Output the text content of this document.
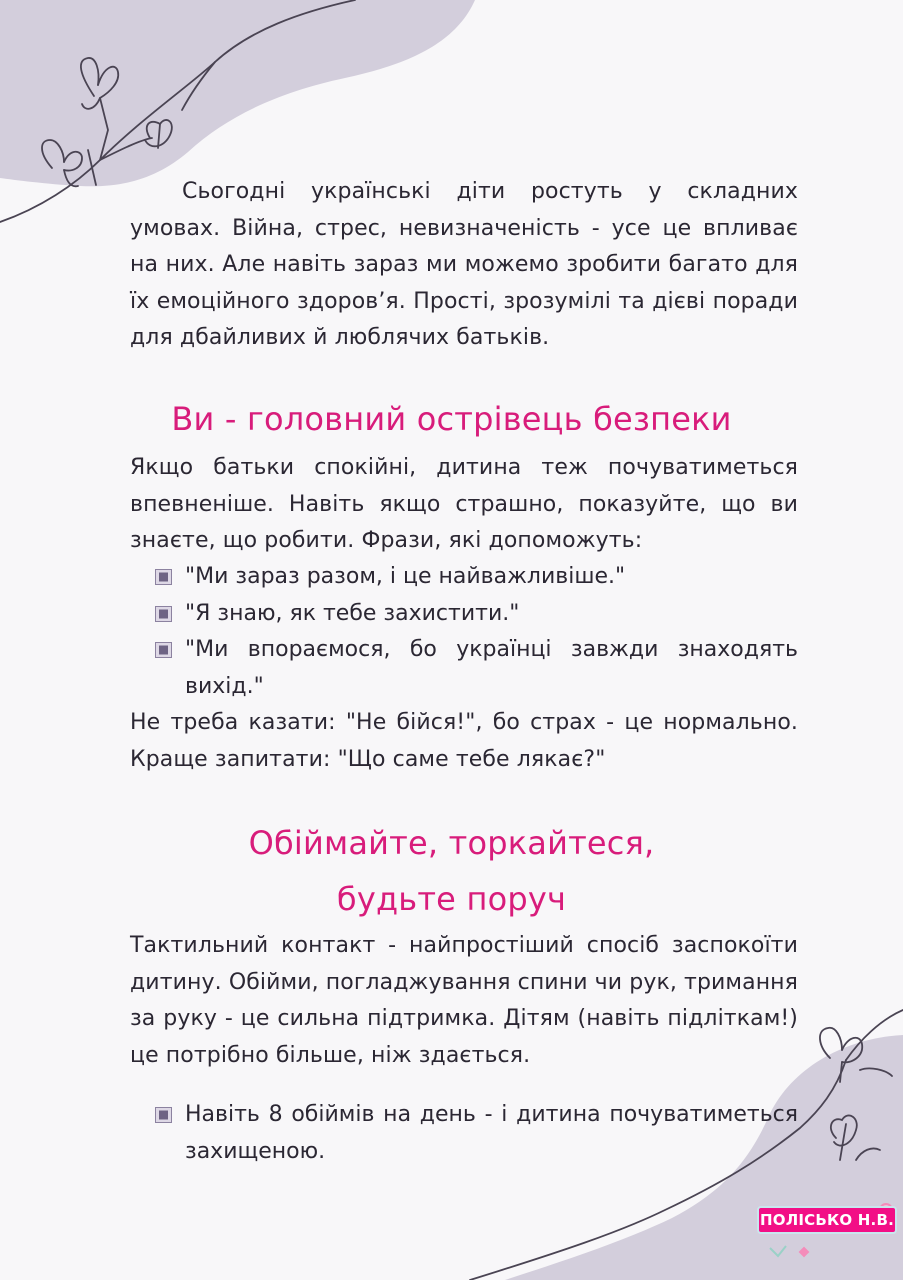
Сьогодні українські діти ростуть у складних умовах. Війна, стрес, невизначеність - усе це впливає на них. Але навіть зараз ми можемо зробити багато для їх емоційного здоров’я. Прості, зрозумілі та дієві поради для дбайливих й люблячих батьків.

Ви - головний острівець безпеки

Якщо батьки спокійні, дитина теж почуватиметься впевненіше. Навіть якщо страшно, показуйте, що ви знаєте, що робити. Фрази, які допоможуть:

"Ми зараз разом, і це найважливіше."
"Я знаю, як тебе захистити."
"Ми впораємося, бо українці завжди знаходять вихід."

Не треба казати: "Не бійся!", бо страх - це нормально. Краще запитати: "Що саме тебе лякає?"

Обіймайте, торкайтеся,
будьте поруч

Тактильний контакт - найпростіший спосіб заспокоїти дитину. Обійми, погладжування спини чи рук, тримання за руку - це сильна підтримка. Дітям (навіть підліткам!) це потрібно більше, ніж здається.

Навіть 8 обіймів на день - і дитина почуватиметься захищеною.
ПОЛІСЬКО Н.В.
